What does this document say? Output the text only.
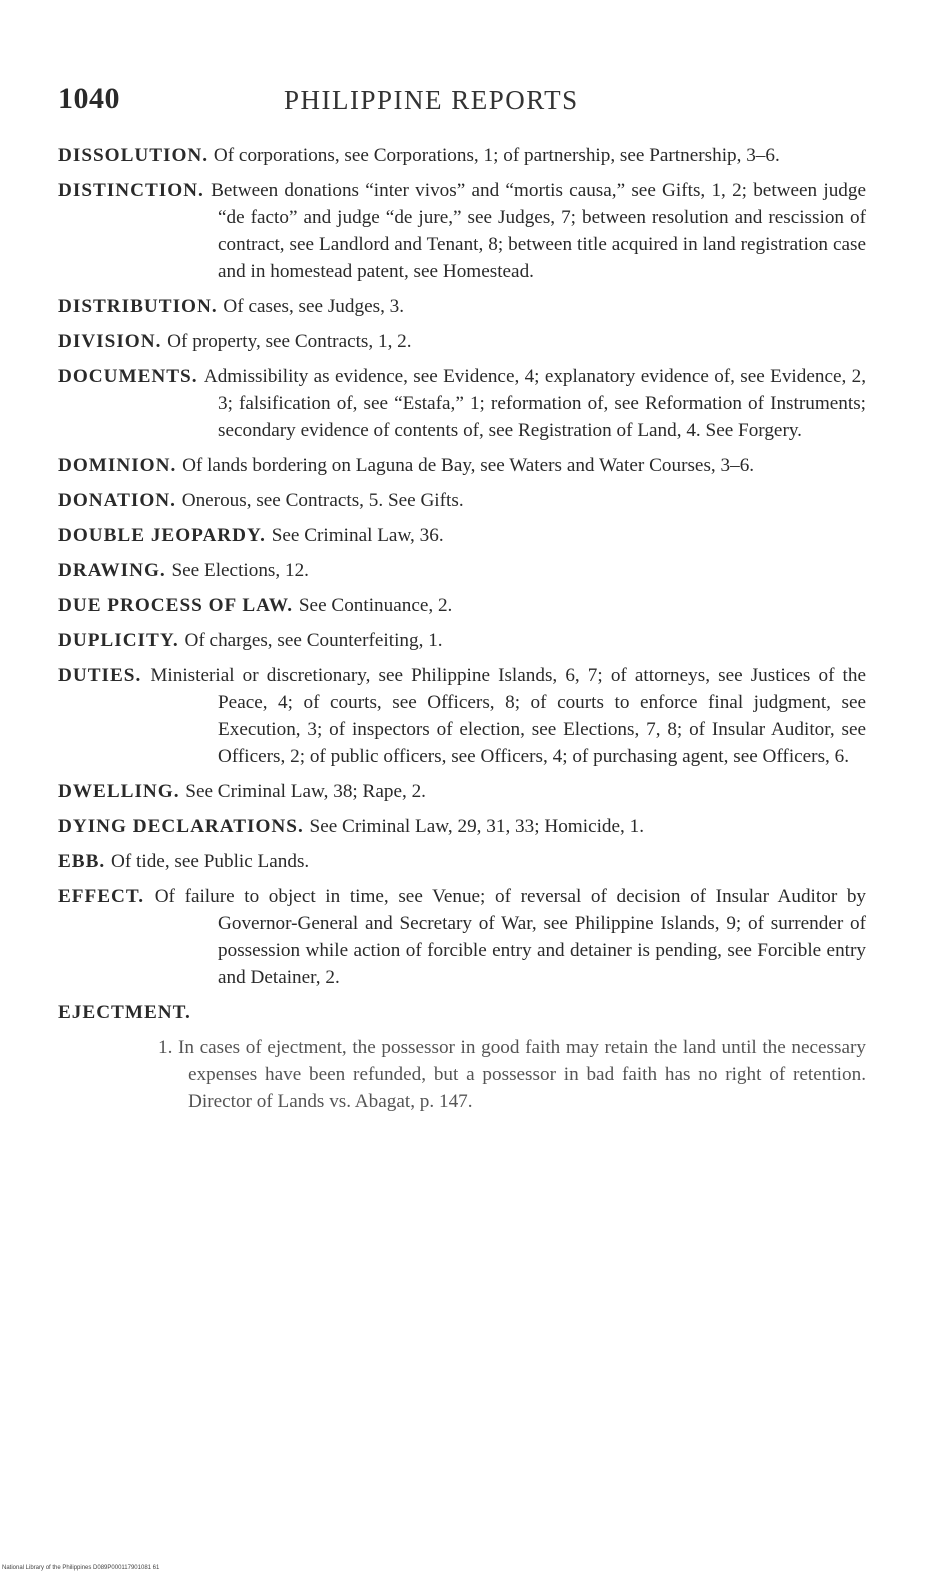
1040	PHILIPPINE REPORTS
DISSOLUTION . Of corporations, see Corporations, 1; of partnership, see Partnership, 3–6.
DISTINCTION . Between donations “inter vivos” and “mortis causa,” see Gifts, 1, 2; between judge “de facto” and judge “de jure,” see Judges, 7; between resolution and rescission of contract, see Landlord and Tenant, 8; between title acquired in land registration case and in homestead patent, see Homestead.
DISTRIBUTION . Of cases, see Judges, 3.
DIVISION . Of property, see Contracts, 1, 2.
DOCUMENTS . Admissibility as evidence, see Evidence, 4; explanatory evidence of, see Evidence, 2, 3; falsification of, see “Estafa,” 1; reformation of, see Reformation of Instruments; secondary evidence of contents of, see Registration of Land, 4. See Forgery.
DOMINION . Of lands bordering on Laguna de Bay, see Waters and Water Courses, 3–6.
DONATION . Onerous, see Contracts, 5. See Gifts.
DOUBLE JEOPARDY . See Criminal Law, 36.
DRAWING . See Elections, 12.
DUE PROCESS OF LAW . See Continuance, 2.
DUPLICITY . Of charges, see Counterfeiting, 1.
DUTIES . Ministerial or discretionary, see Philippine Islands, 6, 7; of attorneys, see Justices of the Peace, 4; of courts, see Officers, 8; of courts to enforce final judgment, see Execution, 3; of inspectors of election, see Elections, 7, 8; of Insular Auditor, see Officers, 2; of public officers, see Officers, 4; of purchasing agent, see Officers, 6.
DWELLING . See Criminal Law, 38; Rape, 2.
DYING DECLARATIONS . See Criminal Law, 29, 31, 33; Homicide, 1.
EBB . Of tide, see Public Lands.
EFFECT . Of failure to object in time, see Venue; of reversal of decision of Insular Auditor by Governor-General and Secretary of War, see Philippine Islands, 9; of surrender of possession while action of forcible entry and detainer is pending, see Forcible entry and Detainer, 2.
EJECTMENT .
1. In cases of ejectment, the possessor in good faith may retain the land until the necessary expenses have been refunded, but a possessor in bad faith has no right of retention. Director of Lands vs. Abagat, p. 147.
National Library of the Philippines D089P000117901081 61
